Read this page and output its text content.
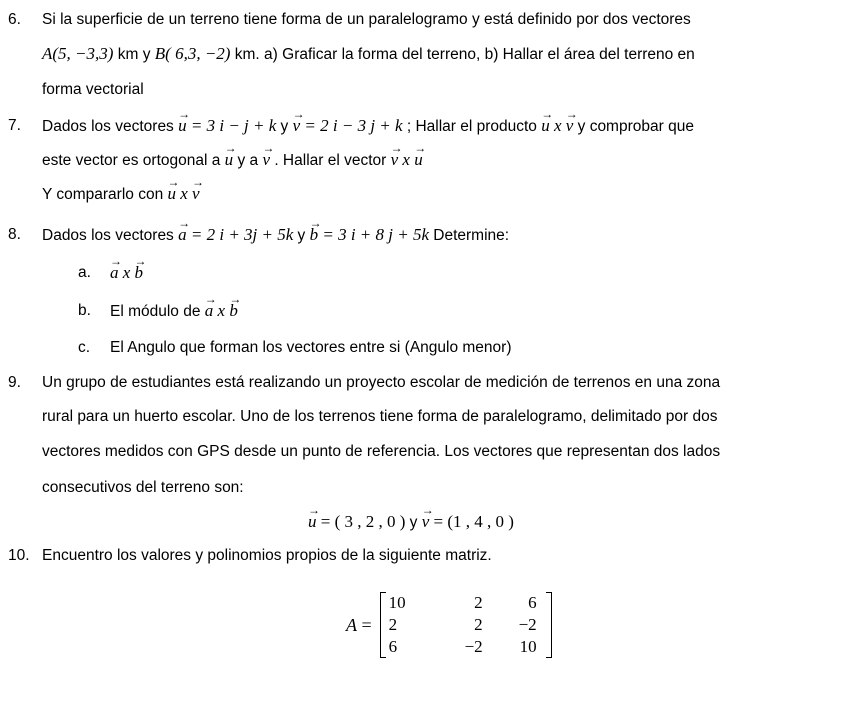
6. Si la superficie de un terreno tiene forma de un paralelogramo y está definido por dos vectores
A(5, −3,3) km y B( 6,3, −2) km. a) Graficar la forma del terreno, b) Hallar el área del terreno en
forma vectorial
7. Dados los vectores → u = 3 i − j + k y → v = 2 i − 3 j + k ; Hallar el producto → u x → v y comprobar que
este vector es ortogonal a → u y a → v . Hallar el vector → v x → u
Y compararlo con → u x → v
8. Dados los vectores → a = 2 i + 3j + 5k y → b = 3 i + 8 j + 5k Determine:
a.
→ a x → b
b. El módulo de → a x → b
c. El Angulo que forman los vectores entre si (Angulo menor)
9. Un grupo de estudiantes está realizando un proyecto escolar de medición de terrenos en una zona
rural para un huerto escolar. Uno de los terrenos tiene forma de paralelogramo, delimitado por dos
vectores medidos con GPS desde un punto de referencia. Los vectores que representan dos lados
consecutivos del terreno son:
→ u = ( 3 , 2 , 0 ) y → v = (1 , 4 , 0 )
10. Encuentro los valores y polinomios propios de la siguiente matriz.
A =
10	2	6
2	2	−2
6	−2	10
